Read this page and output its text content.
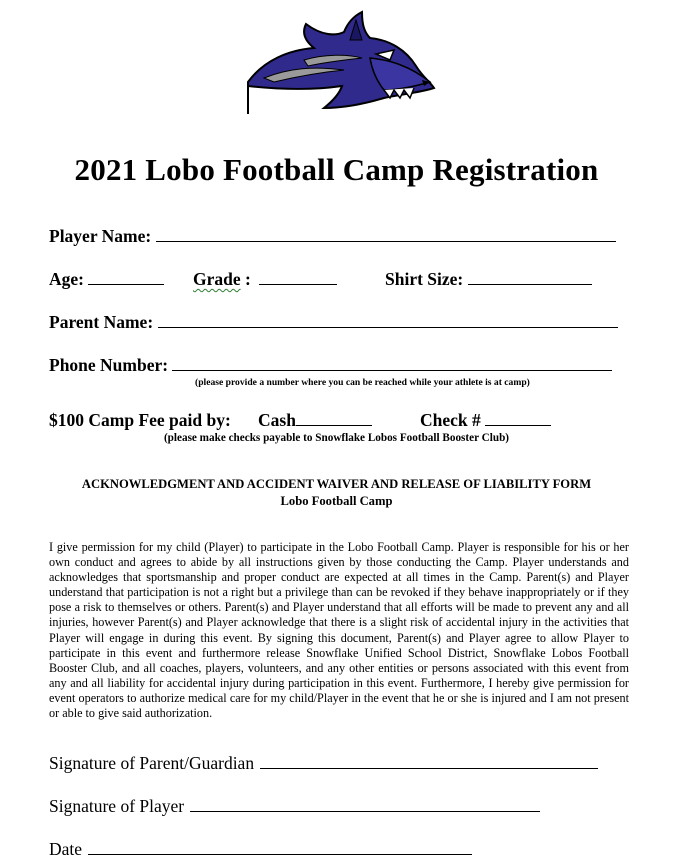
2021 Lobo Football Camp Registration
Player Name:
Age:	Grade :	Shirt Size:
Parent Name:
Phone Number:
(please provide a number where you can be reached while your athlete is at camp)
$100 Camp Fee paid by: Cash	Check #
(please make checks payable to Snowflake Lobos Football Booster Club)
ACKNOWLEDGMENT AND ACCIDENT WAIVER AND RELEASE OF LIABILITY FORM
Lobo Football Camp
I give permission for my child (Player) to participate in the Lobo Football Camp. Player is responsible for his or her own conduct and agrees to abide by all instructions given by those conducting the Camp. Player understands and acknowledges that sportsmanship and proper conduct are expected at all times in the Camp. Parent(s) and Player understand that participation is not a right but a privilege than can be revoked if they behave inappropriately or if they pose a risk to themselves or others. Parent(s) and Player understand that all efforts will be made to prevent any and all injuries, however Parent(s) and Player acknowledge that there is a slight risk of accidental injury in the activities that Player will engage in during this event. By signing this document, Parent(s) and Player agree to allow Player to participate in this event and furthermore release Snowflake Unified School District, Snowflake Lobos Football Booster Club, and all coaches, players, volunteers, and any other entities or persons associated with this event from any and all liability for accidental injury during participation in this event. Furthermore, I hereby give permission for event operators to authorize medical care for my child/Player in the event that he or she is injured and I am not present or able to give said authorization.
Signature of Parent/Guardian
Signature of Player
Date
